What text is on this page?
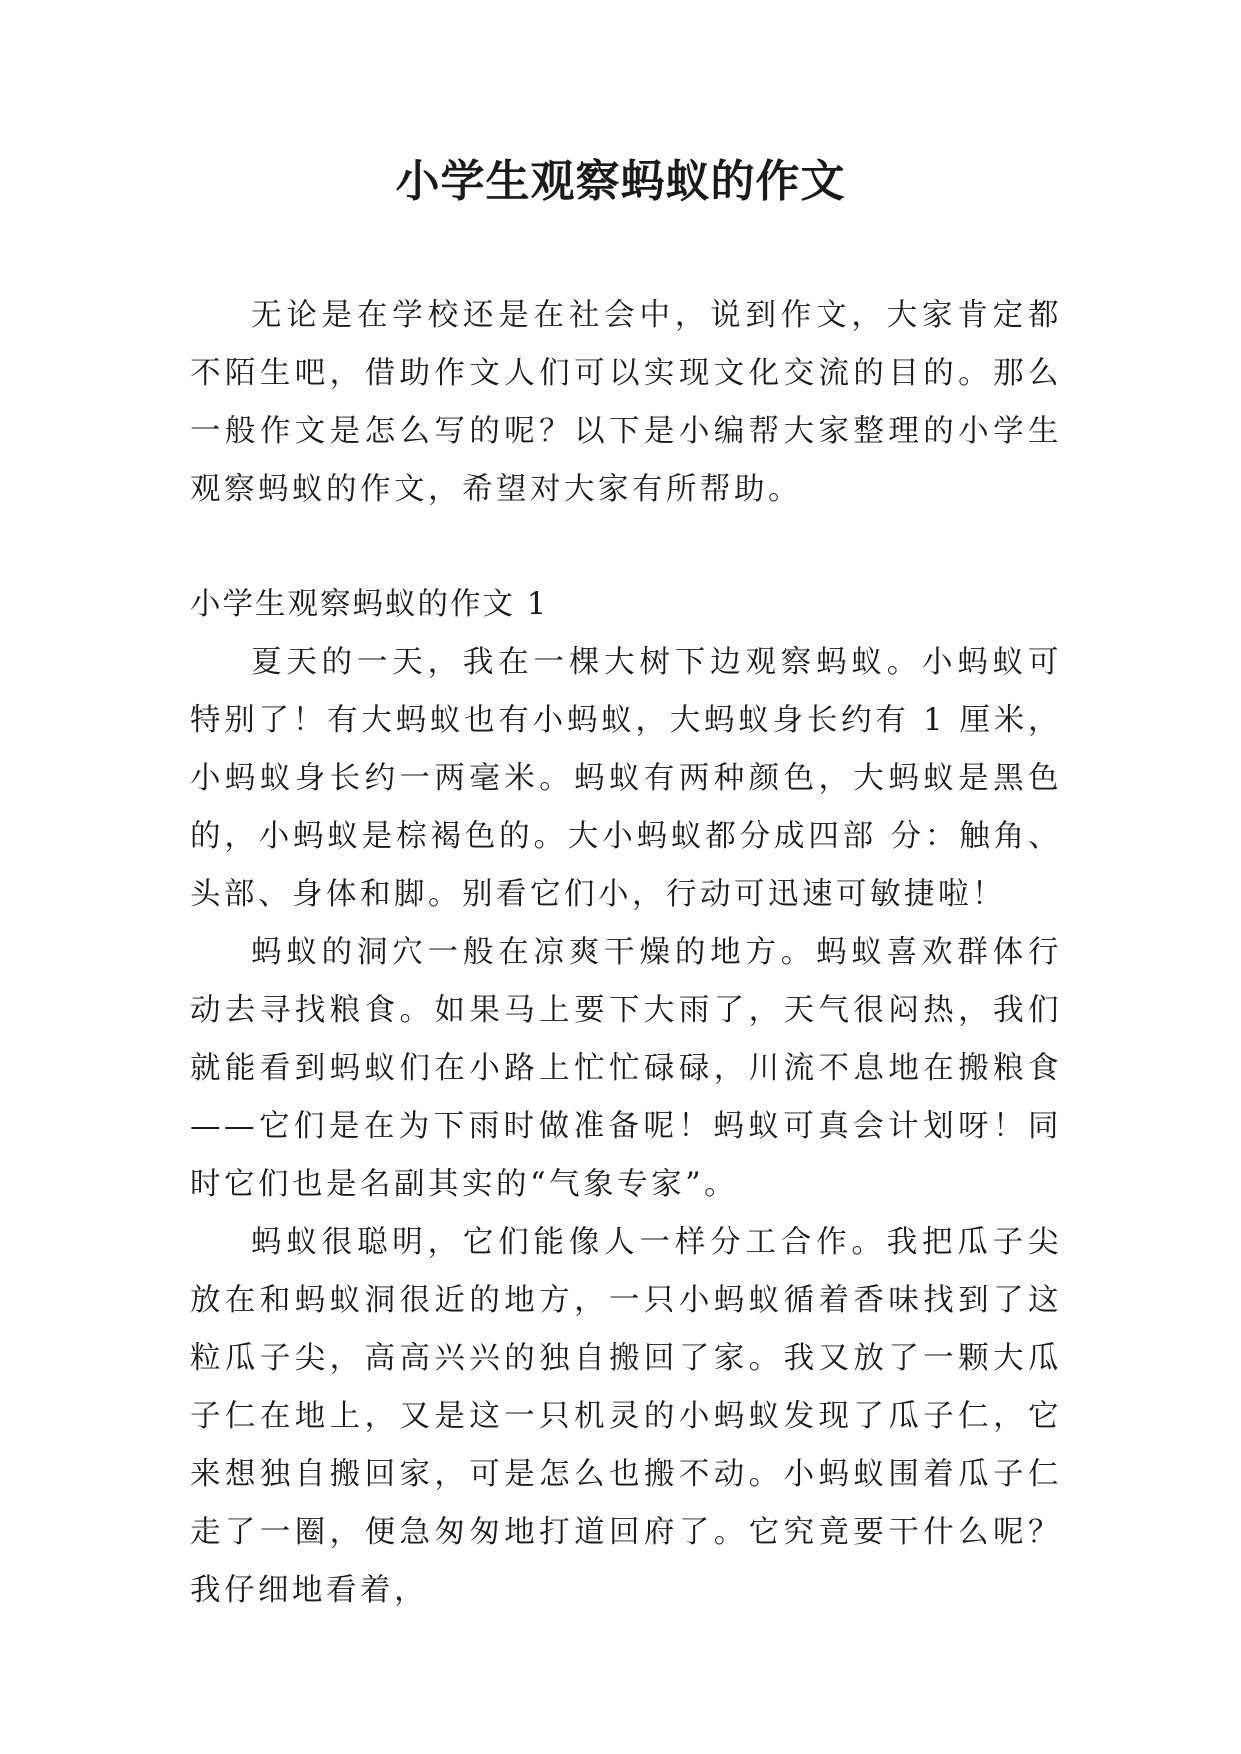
小学生观察蚂蚁的作文

无论是在学校还是在社会中，说到作文，大家肯定都不陌生吧，借助作文人们可以实现文化交流的目的。那么一般作文是怎么写的呢？以下是小编帮大家整理的小学生观察蚂蚁的作文，希望对大家有所帮助。

小学生观察蚂蚁的作文 1

夏天的一天，我在一棵大树下边观察蚂蚁。小蚂蚁可特别了！有大蚂蚁也有小蚂蚁，大蚂蚁身长约有 1 厘米，小蚂蚁身长约一两毫米。蚂蚁有两种颜色，大蚂蚁是黑色的，小蚂蚁是棕褐色的。大小蚂蚁都分成四部 分：触角、头部、身体和脚。别看它们小，行动可迅速可敏捷啦！

蚂蚁的洞穴一般在凉爽干燥的地方。蚂蚁喜欢群体行动去寻找粮食。如果马上要下大雨了，天气很闷热，我们就能看到蚂蚁们在小路上忙忙碌碌，川流不息地在搬粮食——它们是在为下雨时做准备呢！蚂蚁可真会计划呀！同时它们也是名副其实的“气象专家”。

蚂蚁很聪明，它们能像人一样分工合作。我把瓜子尖放在和蚂蚁洞很近的地方，一只小蚂蚁循着香味找到了这粒瓜子尖，高高兴兴的独自搬回了家。我又放了一颗大瓜子仁在地上，又是这一只机灵的小蚂蚁发现了瓜子仁，它来想独自搬回家，可是怎么也搬不动。小蚂蚁围着瓜子仁走了一圈，便急匆匆地打道回府了。它究竟要干什么呢？我仔细地看着，
